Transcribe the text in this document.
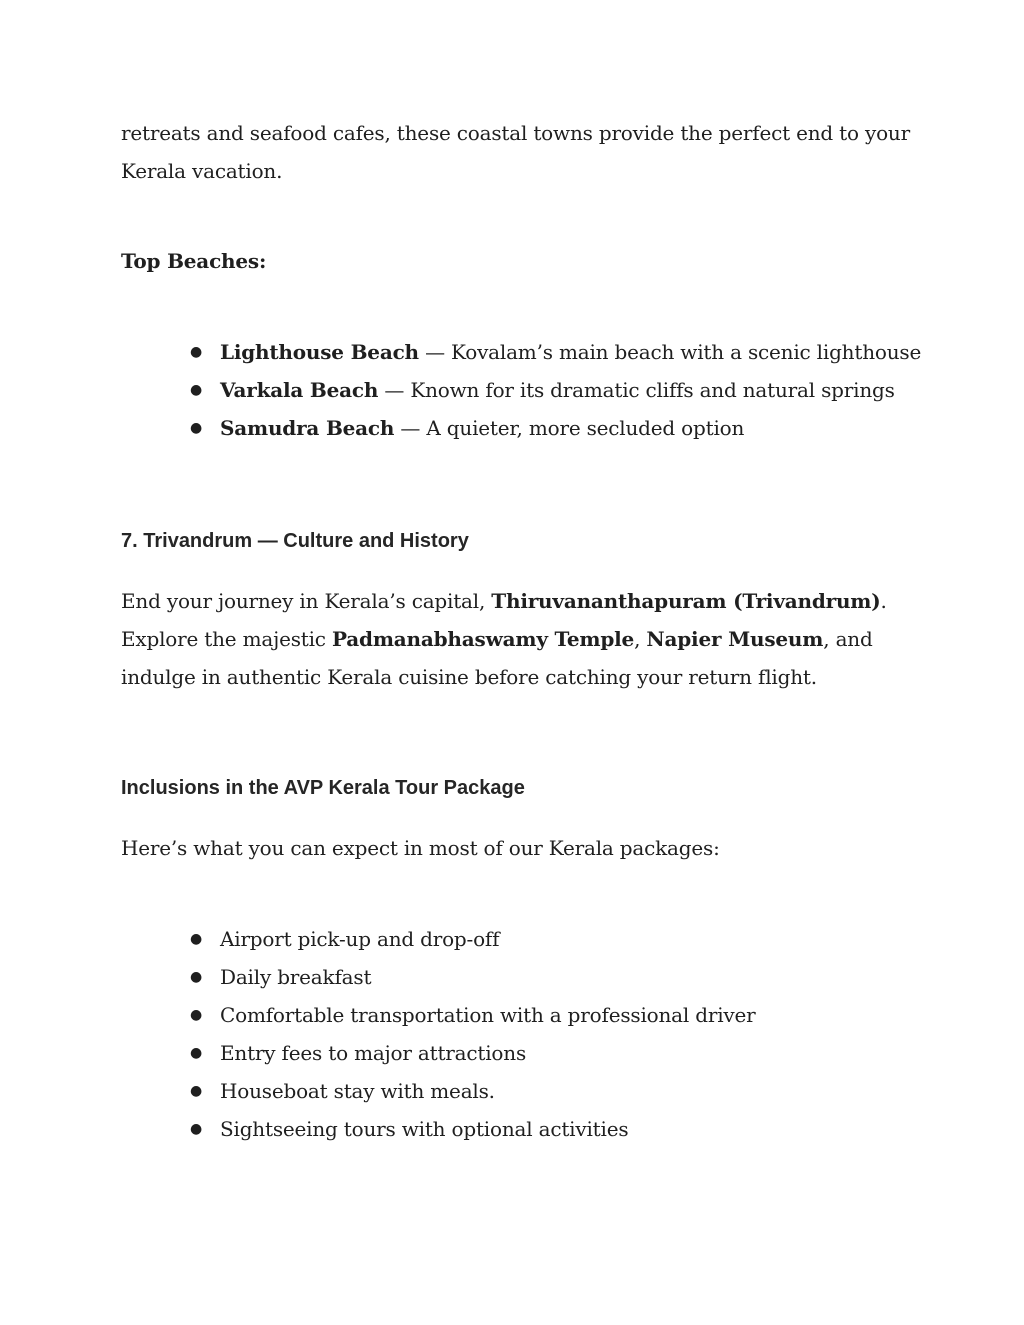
retreats and seafood cafes, these coastal towns provide the perfect end to your
Kerala vacation.

Top Beaches:
● Lighthouse Beach — Kovalam’s main beach with a scenic lighthouse
● Varkala Beach — Known for its dramatic cliffs and natural springs
● Samudra Beach — A quieter, more secluded option
7. Trivandrum — Culture and History

End your journey in Kerala’s capital, Thiruvananthapuram (Trivandrum).
Explore the majestic Padmanabhaswamy Temple, Napier Museum, and
indulge in authentic Kerala cuisine before catching your return flight.

Inclusions in the AVP Kerala Tour Package

Here’s what you can expect in most of our Kerala packages:

● Airport pick-up and drop-off
● Daily breakfast
● Comfortable transportation with a professional driver
● Entry fees to major attractions
● Houseboat stay with meals.
● Sightseeing tours with optional activities
